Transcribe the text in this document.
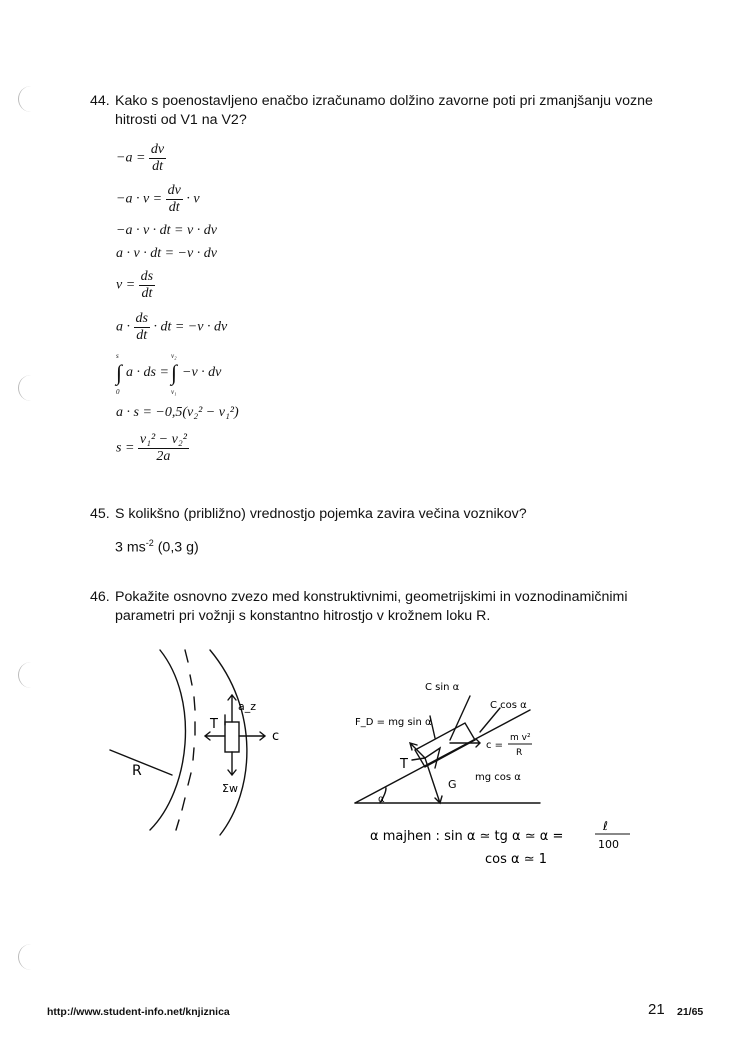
44. Kako s poenostavljeno enačbo izračunamo dolžino zavorne poti pri zmanjšanju vozne hitrosti od V1 na V2?
$-a = \frac{dv}{dt}$
$-a \cdot v = \frac{dv}{dt} \cdot v$
−a · v · dt = v · dv
a · v · dt = −v · dv
$v = \frac{ds}{dt}$
$a \cdot \frac{ds}{dt}$ · dt = −v · dv
s
∫
0
a · ds =
v₂
∫
v₁
−v · dv
a · s = −0,5(v₂² − v₁²)
$s = \frac{\text{v₁² − v₂²}}{2a}$
45. S kolikšno (približno) vrednostjo pojemka zavira večina voznikov?
3 $ms^{-2}$ (0,3 g)
46. Pokažite osnovno zvezo med konstruktivnimi, geometrijskimi in voznodinamičnimi parametri pri vožnji s konstantno hitrostjo v krožnem loku R.
R
T
c
a_z
Σw
α
C sin α
C cos α
F_D = mg sin α
T
c =
m v²
R
G
mg cos α
α majhen : sin α ≃ tg α ≃ α =
ℓ
100
cos α ≃ 1
http://www.student-info.net/knjiznica	21 21/65
